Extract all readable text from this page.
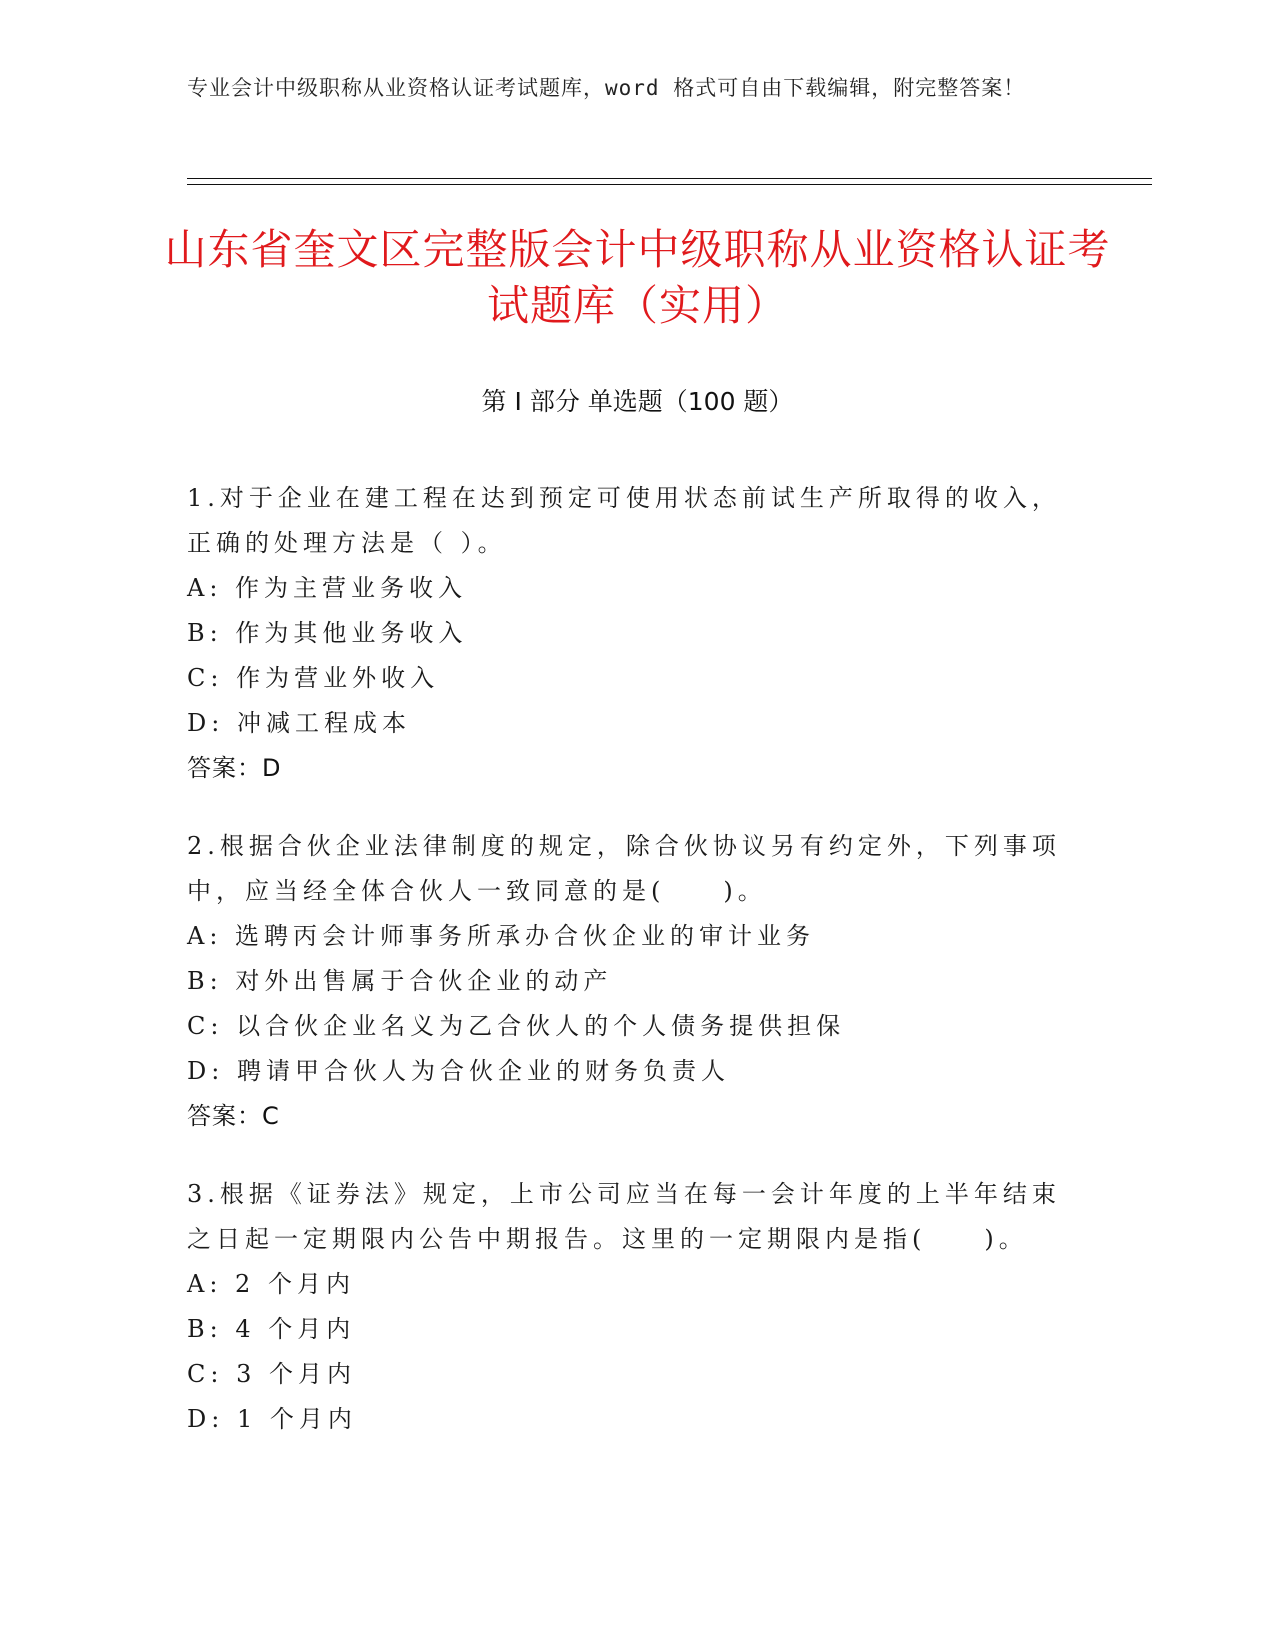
专业会计中级职称从业资格认证考试题库，word 格式可自由下载编辑，附完整答案！
山东省奎文区完整版会计中级职称从业资格认证考试题库（实用）
第 I 部分 单选题（100 题）

1.对于企业在建工程在达到预定可使用状态前试生产所取得的收入，正确的处理方法是（ ）。

A: 作为主营业务收入
B: 作为其他业务收入
C: 作为营业外收入
D: 冲减工程成本
答案：D

2.根据合伙企业法律制度的规定，除合伙协议另有约定外，下列事项中，应当经全体合伙人一致同意的是(　　)。

A: 选聘丙会计师事务所承办合伙企业的审计业务
B: 对外出售属于合伙企业的动产
C: 以合伙企业名义为乙合伙人的个人债务提供担保
D: 聘请甲合伙人为合伙企业的财务负责人
答案：C

3.根据《证券法》规定，上市公司应当在每一会计年度的上半年结束之日起一定期限内公告中期报告。这里的一定期限内是指(　　)。

A: 2 个月内
B: 4 个月内
C: 3 个月内
D: 1 个月内
